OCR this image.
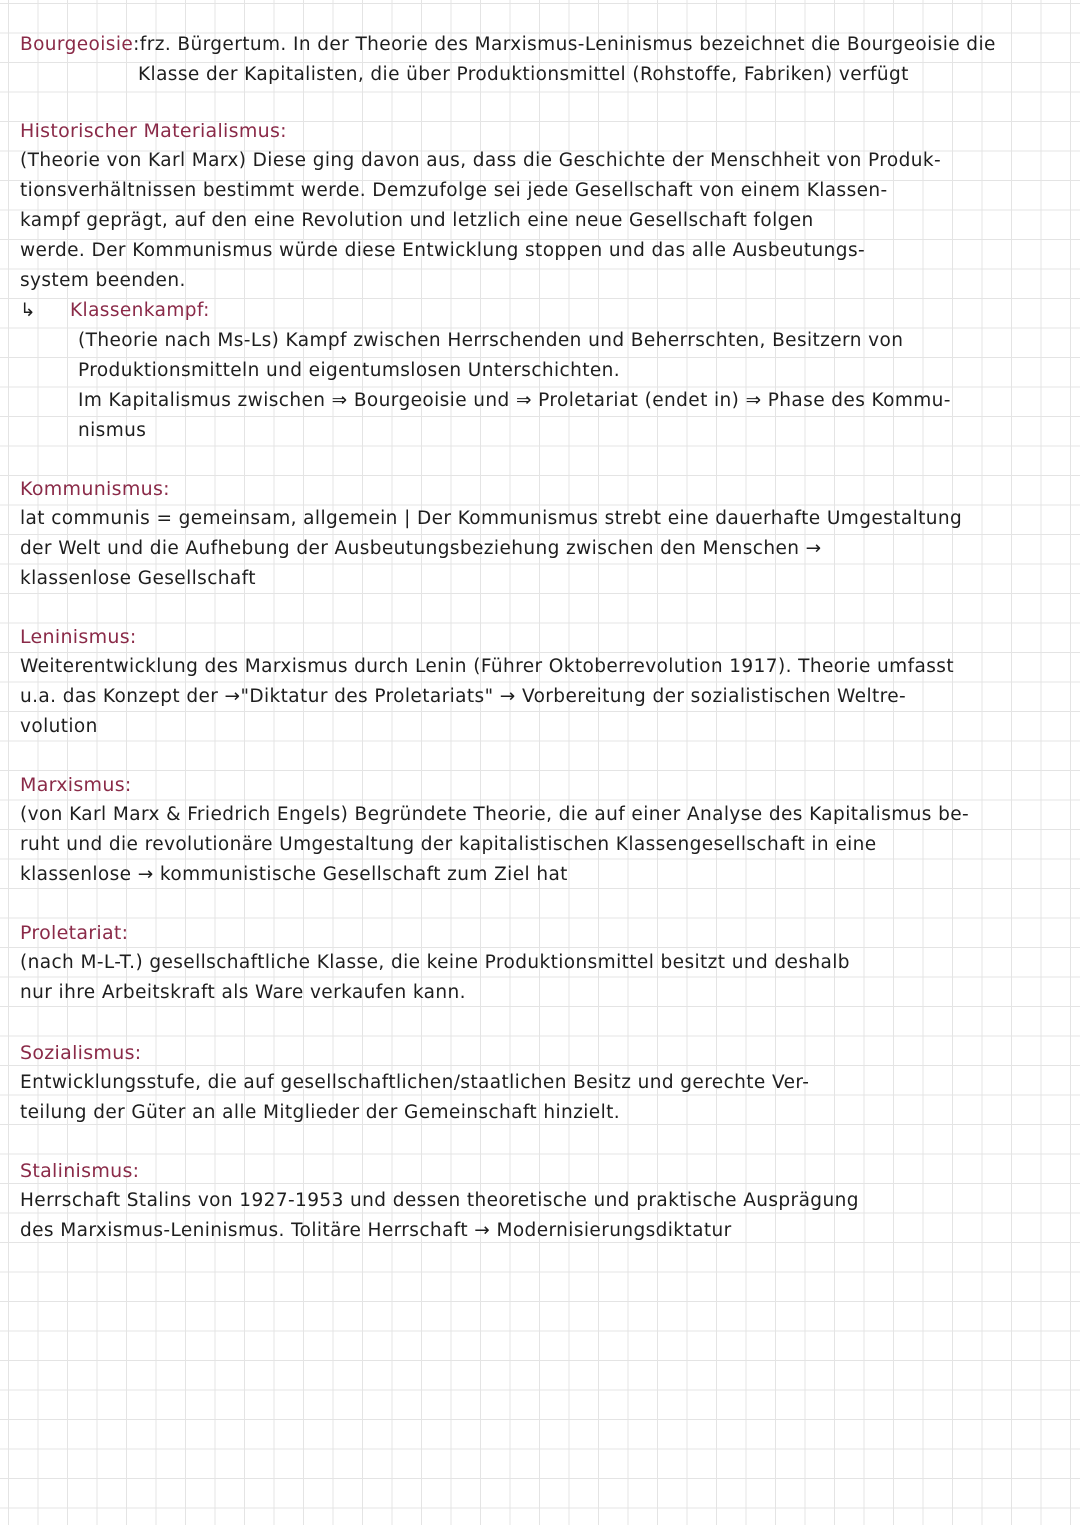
Bourgeoisie:frz. Bürgertum. In der Theorie des Marxismus-Leninismus bezeichnet die Bourgeoisie die
Klasse der Kapitalisten, die über Produktionsmittel (Rohstoffe, Fabriken) verfügt
Historischer Materialismus:
(Theorie von Karl Marx) Diese ging davon aus, dass die Geschichte der Menschheit von Produk-
tionsverhältnissen bestimmt werde. Demzufolge sei jede Gesellschaft von einem Klassen-
kampf geprägt, auf den eine Revolution und letzlich eine neue Gesellschaft folgen
werde. Der Kommunismus würde diese Entwicklung stoppen und das alle Ausbeutungs-
system beenden.
↳ Klassenkampf:
(Theorie nach Ms-Ls) Kampf zwischen Herrschenden und Beherrschten, Besitzern von
Produktionsmitteln und eigentumslosen Unterschichten.
Im Kapitalismus zwischen ⇒ Bourgeoisie und ⇒ Proletariat (endet in) ⇒ Phase des Kommu-
nismus
Kommunismus:
lat communis = gemeinsam, allgemein | Der Kommunismus strebt eine dauerhafte Umgestaltung
der Welt und die Aufhebung der Ausbeutungsbeziehung zwischen den Menschen →
klassenlose Gesellschaft
Leninismus:
Weiterentwicklung des Marxismus durch Lenin (Führer Oktoberrevolution 1917). Theorie umfasst
u.a. das Konzept der →"Diktatur des Proletariats" → Vorbereitung der sozialistischen Weltre-
volution
Marxismus:
(von Karl Marx & Friedrich Engels) Begründete Theorie, die auf einer Analyse des Kapitalismus be-
ruht und die revolutionäre Umgestaltung der kapitalistischen Klassengesellschaft in eine
klassenlose → kommunistische Gesellschaft zum Ziel hat
Proletariat:
(nach M-L-T.) gesellschaftliche Klasse, die keine Produktionsmittel besitzt und deshalb
nur ihre Arbeitskraft als Ware verkaufen kann.
Sozialismus:
Entwicklungsstufe, die auf gesellschaftlichen/staatlichen Besitz und gerechte Ver-
teilung der Güter an alle Mitglieder der Gemeinschaft hinzielt.
Stalinismus:
Herrschaft Stalins von 1927-1953 und dessen theoretische und praktische Ausprägung
des Marxismus-Leninismus. Tolitäre Herrschaft → Modernisierungsdiktatur
